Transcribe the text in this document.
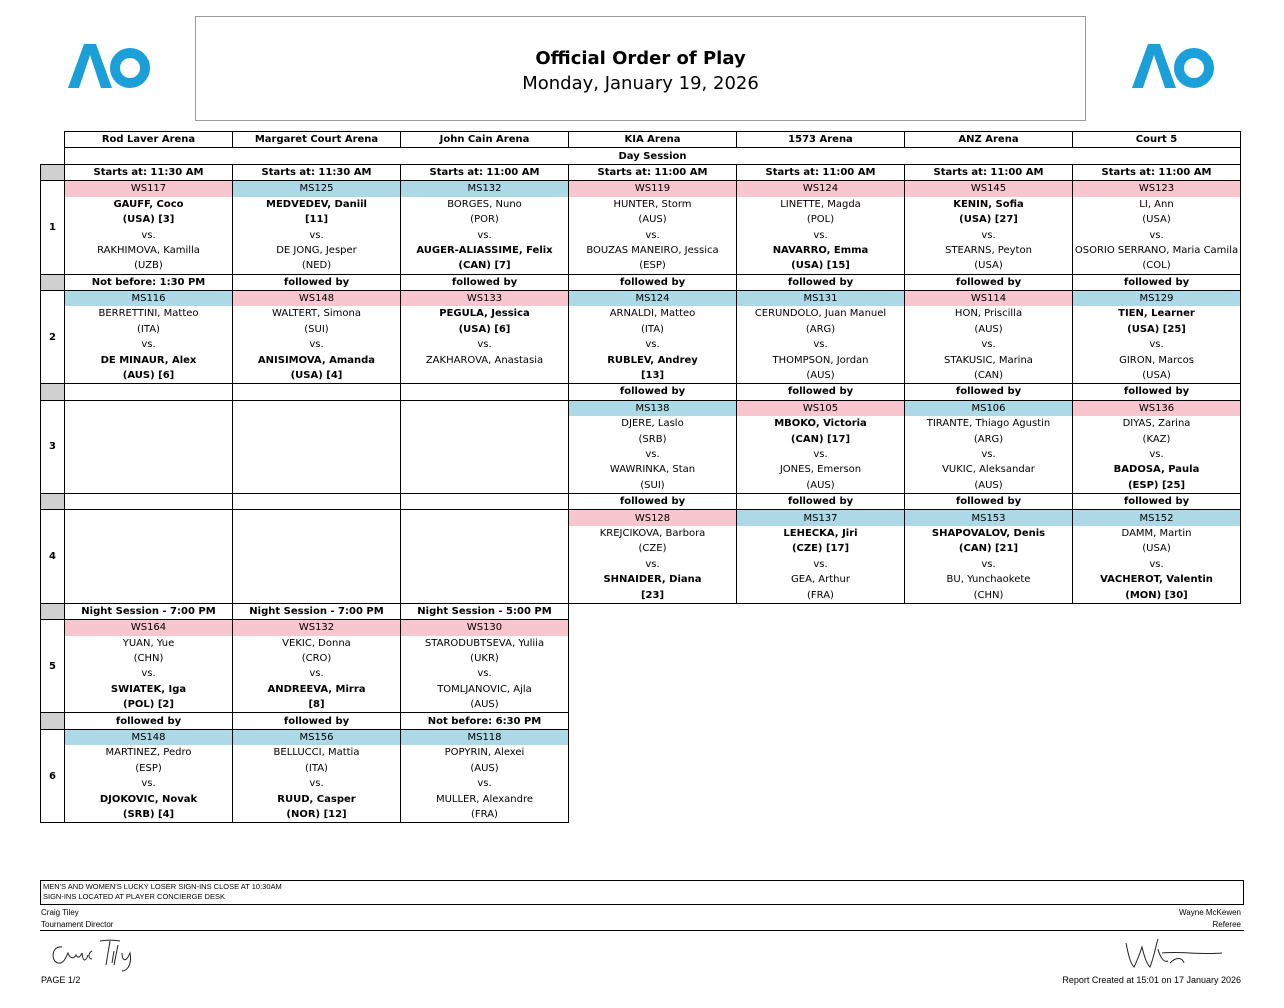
Official Order of Play
Monday, January 19, 2026
	Rod Laver Arena	Margaret Court Arena	John Cain Arena	KIA Arena	1573 Arena	ANZ Arena	Court 5
	Day Session						
	Starts at: 11:30 AM	Starts at: 11:30 AM	Starts at: 11:00 AM	Starts at: 11:00 AM	Starts at: 11:00 AM	Starts at: 11:00 AM	Starts at: 11:00 AM
1	WS117	MS125	MS132	WS119	WS124	WS145	WS123
	GAUFF, Coco	MEDVEDEV, Daniil	BORGES, Nuno	HUNTER, Storm	LINETTE, Magda	KENIN, Sofia	LI, Ann
	(USA) [3]	[11]	(POR)	(AUS)	(POL)	(USA) [27]	(USA)
	vs.	vs.	vs.	vs.	vs.	vs.	vs.
	RAKHIMOVA, Kamilla	DE JONG, Jesper	AUGER-ALIASSIME, Felix	BOUZAS MANEIRO, Jessica	NAVARRO, Emma	STEARNS, Peyton	OSORIO SERRANO, Maria Camila
	(UZB)	(NED)	(CAN) [7]	(ESP)	(USA) [15]	(USA)	(COL)
	Not before: 1:30 PM	followed by	followed by	followed by	followed by	followed by	followed by
2	MS116	WS148	WS133	MS124	MS131	WS114	MS129
	BERRETTINI, Matteo	WALTERT, Simona	PEGULA, Jessica	ARNALDI, Matteo	CERUNDOLO, Juan Manuel	HON, Priscilla	TIEN, Learner
	(ITA)	(SUI)	(USA) [6]	(ITA)	(ARG)	(AUS)	(USA) [25]
	vs.	vs.	vs.	vs.	vs.	vs.	vs.
	DE MINAUR, Alex	ANISIMOVA, Amanda	ZAKHAROVA, Anastasia	RUBLEV, Andrey	THOMPSON, Jordan	STAKUSIC, Marina	GIRON, Marcos
	(AUS) [6]	(USA) [4]		[13]	(AUS)	(CAN)	(USA)
				followed by	followed by	followed by	followed by
3				MS138	WS105	MS106	WS136
				DJERE, Laslo	MBOKO, Victoria	TIRANTE, Thiago Agustin	DIYAS, Zarina
				(SRB)	(CAN) [17]	(ARG)	(KAZ)
				vs.	vs.	vs.	vs.
				WAWRINKA, Stan	JONES, Emerson	VUKIC, Aleksandar	BADOSA, Paula
				(SUI)	(AUS)	(AUS)	(ESP) [25]
				followed by	followed by	followed by	followed by
4				WS128	MS137	MS153	MS152
				KREJCIKOVA, Barbora	LEHECKA, Jiri	SHAPOVALOV, Denis	DAMM, Martin
				(CZE)	(CZE) [17]	(CAN) [21]	(USA)
				vs.	vs.	vs.	vs.
				SHNAIDER, Diana	GEA, Arthur	BU, Yunchaokete	VACHEROT, Valentin
				[23]	(FRA)	(CHN)	(MON) [30]
	Night Session - 7:00 PM	Night Session - 7:00 PM	Night Session - 5:00 PM				
5	WS164	WS132	WS130				
	YUAN, Yue	VEKIC, Donna	STARODUBTSEVA, Yuliia				
	(CHN)	(CRO)	(UKR)				
	vs.	vs.	vs.				
	SWIATEK, Iga	ANDREEVA, Mirra	TOMLJANOVIC, Ajla				
	(POL) [2]	[8]	(AUS)				
	followed by	followed by	Not before: 6:30 PM				
6	MS148	MS156	MS118				
	MARTINEZ, Pedro	BELLUCCI, Mattia	POPYRIN, Alexei				
	(ESP)	(ITA)	(AUS)				
	vs.	vs.	vs.				
	DJOKOVIC, Novak	RUUD, Casper	MULLER, Alexandre				
	(SRB) [4]	(NOR) [12]	(FRA)				
MEN'S AND WOMEN'S LUCKY LOSER SIGN-INS CLOSE AT 10:30AM
SIGN-INS LOCATED AT PLAYER CONCIERGE DESK
Craig Tiley
Tournament Director
Wayne McKewen
Referee
PAGE 1/2	Report Created at 15:01 on 17 January 2026
